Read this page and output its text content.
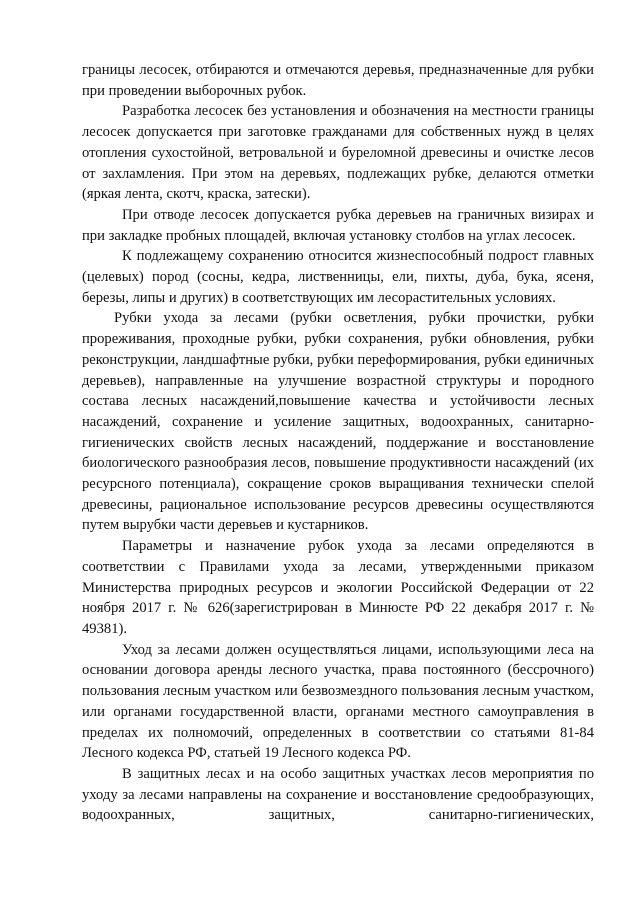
границы лесосек, отбираются и отмечаются деревья, предназначенные для рубки при проведении выборочных рубок.

Разработка лесосек без установления и обозначения на местности границы лесосек допускается при заготовке гражданами для собственных нужд в целях отопления сухостойной, ветровальной и буреломной древесины и очистке лесов от захламления. При этом на деревьях, подлежащих рубке, делаются отметки (яркая лента, скотч, краска, затески).

При отводе лесосек допускается рубка деревьев на граничных визирах и при закладке пробных площадей, включая установку столбов на углах лесосек.

К подлежащему сохранению относится жизнеспособный подрост главных (целевых) пород (сосны, кедра, лиственницы, ели, пихты, дуба, бука, ясеня, березы, липы и других) в соответствующих им лесорастительных условиях.

Рубки ухода за лесами (рубки осветления, рубки прочистки, рубки прореживания, проходные рубки, рубки сохранения, рубки обновления, рубки реконструкции, ландшафтные рубки, рубки переформирования, рубки единичных деревьев), направленные на улучшение возрастной структуры и породного состава лесных насаждений,повышение качества и устойчивости лесных насаждений, сохранение и усиление защитных, водоохранных, санитарно-гигиенических свойств лесных насаждений, поддержание и восстановление биологического разнообразия лесов, повышение продуктивности насаждений (их ресурсного потенциала), сокращение сроков выращивания технически спелой древесины, рациональное использование ресурсов древесины осуществляются путем вырубки части деревьев и кустарников.

Параметры и назначение рубок ухода за лесами определяются в соответствии с Правилами ухода за лесами, утвержденными приказом Министерства природных ресурсов и экологии Российской Федерации от 22 ноября 2017 г. № 626(зарегистрирован в Минюсте РФ 22 декабря 2017 г. № 49381).

Уход за лесами должен осуществляться лицами, использующими леса на основании договора аренды лесного участка, права постоянного (бессрочного) пользования лесным участком или безвозмездного пользования лесным участком, или органами государственной власти, органами местного самоуправления в пределах их полномочий, определенных в соответствии со статьями 81-84 Лесного кодекса РФ, статьей 19 Лесного кодекса РФ.

В защитных лесах и на особо защитных участках лесов мероприятия по уходу за лесами направлены на сохранение и восстановление средообразующих, водоохранных, защитных, санитарно-гигиенических,
